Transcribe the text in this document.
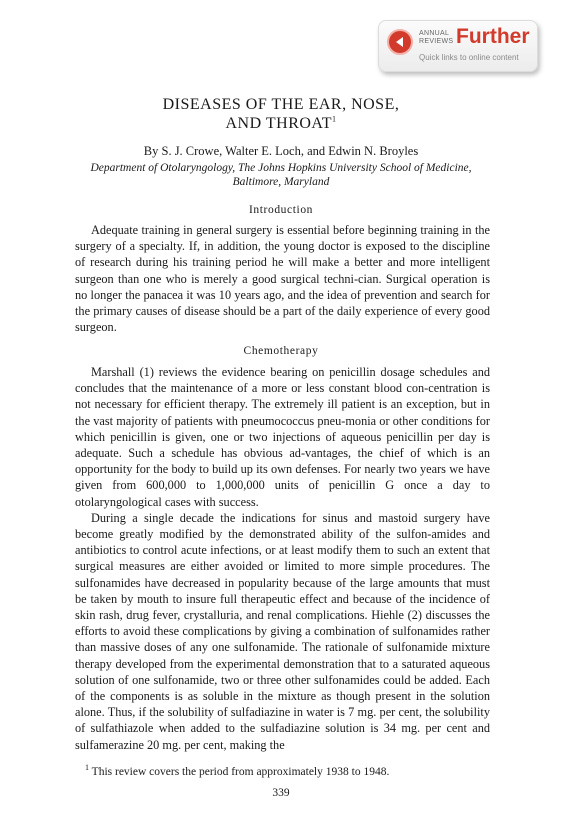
ANNUAL
REVIEWS Further
Quick links to online content
DISEASES OF THE EAR, NOSE,
AND THROAT$^1$
By S. J. Crowe, Walter E. Loch, and Edwin N. Broyles
Department of Otolaryngology, The Johns Hopkins University School of Medicine,
Baltimore, Maryland
Introduction

Adequate training in general surgery is essential before beginning training in the surgery of a specialty. If, in addition, the young doctor is exposed to the discipline of research during his training period he will make a better and more intelligent surgeon than one who is merely a good surgical techni-cian. Surgical operation is no longer the panacea it was 10 years ago, and the idea of prevention and search for the primary causes of disease should be a part of the daily experience of every good surgeon.

Chemotherapy

Marshall (1) reviews the evidence bearing on penicillin dosage schedules and concludes that the maintenance of a more or less constant blood con-centration is not necessary for efficient therapy. The extremely ill patient is an exception, but in the vast majority of patients with pneumococcus pneu-monia or other conditions for which penicillin is given, one or two injections of aqueous penicillin per day is adequate. Such a schedule has obvious ad-vantages, the chief of which is an opportunity for the body to build up its own defenses. For nearly two years we have given from 600,000 to 1,000,000 units of penicillin G once a day to otolaryngological cases with success.

During a single decade the indications for sinus and mastoid surgery have become greatly modified by the demonstrated ability of the sulfon-amides and antibiotics to control acute infections, or at least modify them to such an extent that surgical measures are either avoided or limited to more simple procedures. The sulfonamides have decreased in popularity because of the large amounts that must be taken by mouth to insure full therapeutic effect and because of the incidence of skin rash, drug fever, crystalluria, and renal complications. Hiehle (2) discusses the efforts to avoid these complications by giving a combination of sulfonamides rather than massive doses of any one sulfonamide. The rationale of sulfonamide mixture therapy developed from the experimental demonstration that to a saturated aqueous solution of one sulfonamide, two or three other sulfonamides could be added. Each of the components is as soluble in the mixture as though present in the solution alone. Thus, if the solubility of sulfadiazine in water is 7 mg. per cent, the solubility of sulfathiazole when added to the sulfadiazine solution is 34 mg. per cent and sulfamerazine 20 mg. per cent, making the

$^1$ This review covers the period from approximately 1938 to 1948.
339
